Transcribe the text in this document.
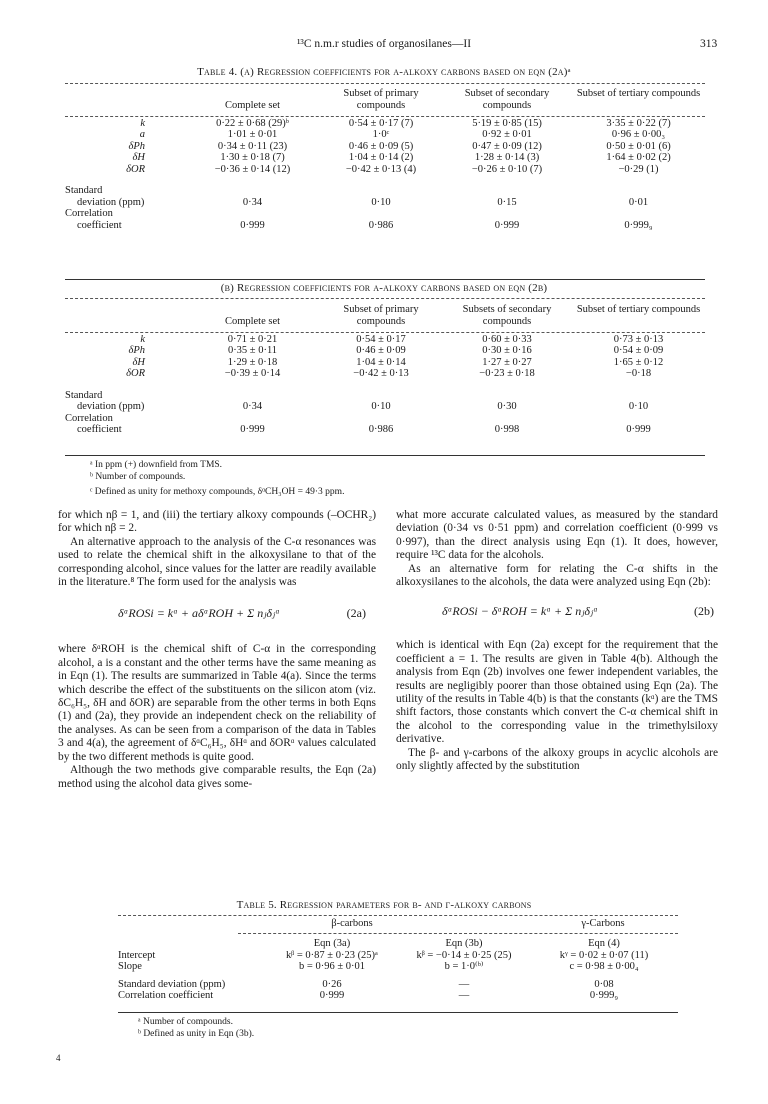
¹³C n.m.r studies of organosilanes—II	313
Table 4. (a) Regression coefficients for α-alkoxy carbons based on eqn (2a)ᵃ
	Complete set	Subset of primary compounds	Subset of secondary compounds	Subset of tertiary compounds

k	0·22 ± 0·68 (29)ᵇ	0·54 ± 0·17 (7)	5·19 ± 0·85 (15)	3·35 ± 0·22 (7)
a	1·01 ± 0·01	1·0ᶜ	0·92 ± 0·01	0·96 ± 0·00₃
δPh	0·34 ± 0·11 (23)	0·46 ± 0·09 (5)	0·47 ± 0·09 (12)	0·50 ± 0·01 (6)
δH	1·30 ± 0·18 (7)	1·04 ± 0·14 (2)	1·28 ± 0·14 (3)	1·64 ± 0·02 (2)
δOR	−0·36 ± 0·14 (12)	−0·42 ± 0·13 (4)	−0·26 ± 0·10 (7)	−0·29 (1)

Standard				
deviation (ppm)	0·34	0·10	0·15	0·01
Correlation				
coefficient	0·999	0·986	0·999	0·999₉
(b) Regression coefficients for α-alkoxy carbons based on eqn (2b)
	Complete set	Subset of primary compounds	Subsets of secondary compounds	Subset of tertiary compounds

k	0·71 ± 0·21	0·54 ± 0·17	0·60 ± 0·33	0·73 ± 0·13
δPh	0·35 ± 0·11	0·46 ± 0·09	0·30 ± 0·16	0·54 ± 0·09
δH	1·29 ± 0·18	1·04 ± 0·14	1·27 ± 0·27	1·65 ± 0·12
δOR	−0·39 ± 0·14	−0·42 ± 0·13	−0·23 ± 0·18	−0·18

Standard				
deviation (ppm)	0·34	0·10	0·30	0·10
Correlation				
coefficient	0·999	0·986	0·998	0·999
ᵃ In ppm (+) downfield from TMS.
ᵇ Number of compounds.
ᶜ Defined as unity for methoxy compounds, δᵅCH₃OH = 49·3 ppm.

for which nβ = 1, and (iii) the tertiary alkoxy compounds (–OCHR₂) for which nβ = 2.

An alternative approach to the analysis of the C-α resonances was used to relate the chemical shift in the alkoxysilane to that of the corresponding alcohol, since values for the latter are readily available in the literature.⁸ The form used for the analysis was

δᵅROSi = kᵅ + aδᵅROH + Σ nⱼδⱼᵅ	(2a)

where δᵅROH is the chemical shift of C-α in the corresponding alcohol, a is a constant and the other terms have the same meaning as in Eqn (1). The results are summarized in Table 4(a). Since the terms which describe the effect of the substituents on the silicon atom (viz. δC₆H₅, δH and δOR) are separable from the other terms in both Eqns (1) and (2a), they provide an independent check on the reliability of the analyses. As can be seen from a comparison of the data in Tables 3 and 4(a), the agreement of δᵅC₆H₅, δHᵅ and δORᵅ values calculated by the two different methods is quite good.

Although the two methods give comparable results, the Eqn (2a) method using the alcohol data gives some-

what more accurate calculated values, as measured by the standard deviation (0·34 vs 0·51 ppm) and correlation coefficient (0·999 vs 0·997), than the direct analysis using Eqn (1). It does, however, require ¹³C data for the alcohols.

As an alternative form for relating the C-α shifts in the alkoxysilanes to the alcohols, the data were analyzed using Eqn (2b):

δᵅROSi − δᵅROH = kᵅ + Σ nⱼδⱼᵅ	(2b)

which is identical with Eqn (2a) except for the requirement that the coefficient a = 1. The results are given in Table 4(b). Although the analysis from Eqn (2b) involves one fewer independent variables, the results are negligibly poorer than those obtained using Eqn (2a). The utility of the results in Table 4(b) is that the constants (kᵅ) are the TMS shift factors, those constants which convert the C-α chemical shift in the alcohol to the corresponding value in the trimethylsiloxy derivative.

The β- and γ-carbons of the alkoxy groups in acyclic alcohols are only slightly affected by the substitution

Table 5. Regression parameters for β- and γ-alkoxy carbons
β-carbons	γ-Carbons
	Eqn (3a)	Eqn (3b)	Eqn (4)
Intercept	kᵝ = 0·87 ± 0·23 (25)ᵃ	kᵝ = −0·14 ± 0·25 (25)	kᵞ = 0·02 ± 0·07 (11)
Slope	b = 0·96 ± 0·01	b = 1·0⁽ᵇ⁾	c = 0·98 ± 0·00₄
Standard deviation (ppm)	0·26	—	0·08
Correlation coefficient	0·999	—	0·999₉
ᵃ Number of compounds.
ᵇ Defined as unity in Eqn (3b).
4
